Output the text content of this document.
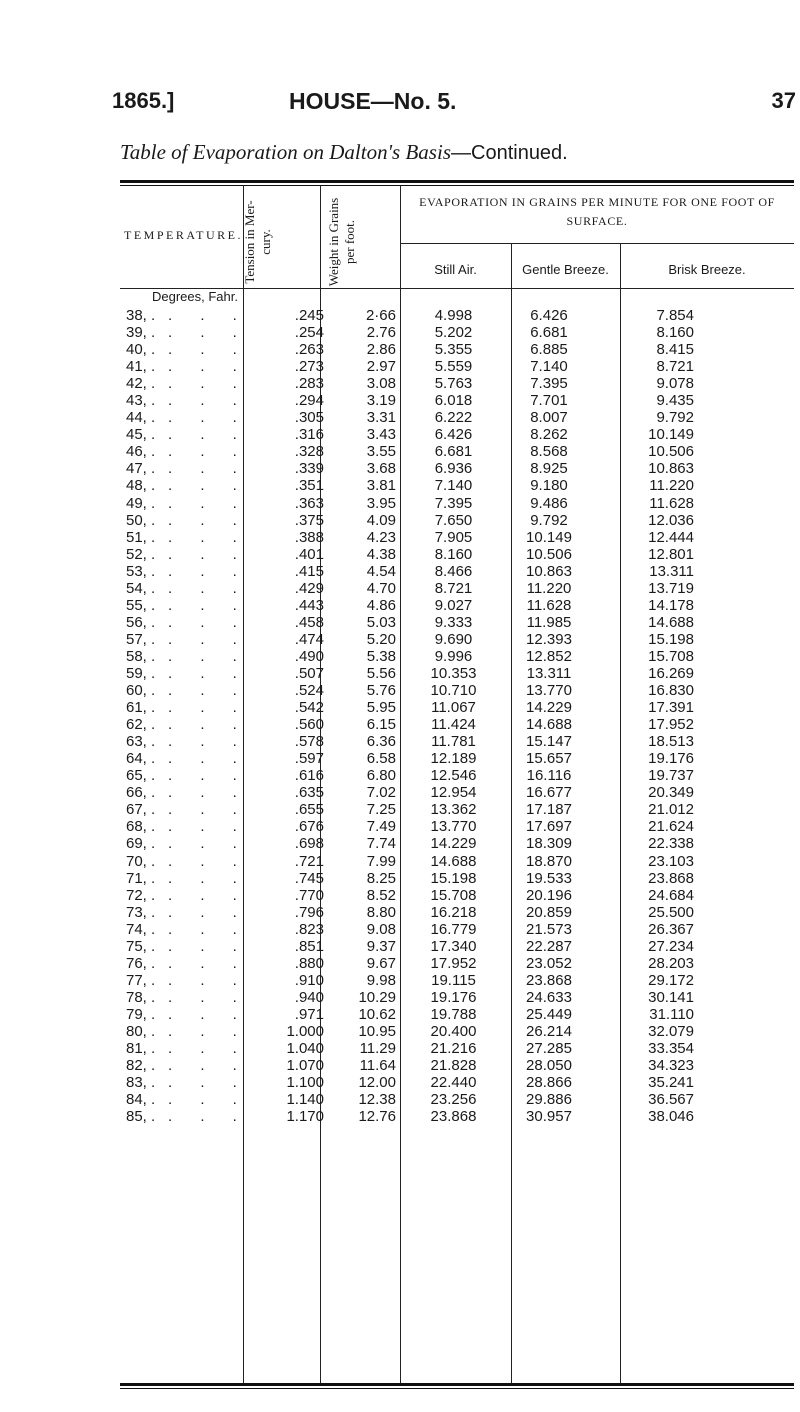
1865.]	HOUSE—No. 5.	37
Table of Evaporation on Dalton's Basis—Continued.
TEMPERATURE.
Tension in Mer- cury.	Weight in Grains per foot.
EVAPORATION IN GRAINS PER MINUTE FOR ONE FOOT OF SURFACE.
Still Air.	Gentle Breeze.	Brisk Breeze.
Degrees, Fahr.
38, .	.245	2·66	4.998	6.426	7.854
. . .
39, .	.254	2.76	5.202	6.681	8.160
. . .
40, .	.263	2.86	5.355	6.885	8.415
. . .
41, .	.273	2.97	5.559	7.140	8.721
. . .
42, .	.283	3.08	5.763	7.395	9.078
. . .
43, .	.294	3.19	6.018	7.701	9.435
. . .
44, .	.305	3.31	6.222	8.007	9.792
. . .
45, .	.316	3.43	6.426	8.262	10.149
. . .
46, .	.328	3.55	6.681	8.568	10.506
. . .
47, .	.339	3.68	6.936	8.925	10.863
. . .
48, .	.351	3.81	7.140	9.180	11.220
. . .
49, .	.363	3.95	7.395	9.486	11.628
. . .
50, .	.375	4.09	7.650	9.792	12.036
. . .
51, .	.388	4.23	7.905	10.149	12.444
. . .
52, .	.401	4.38	8.160	10.506	12.801
. . .
53, .	.415	4.54	8.466	10.863	13.311
. . .
54, .	.429	4.70	8.721	11.220	13.719
. . .
55, .	.443	4.86	9.027	11.628	14.178
. . .
56, .	.458	5.03	9.333	11.985	14.688
. . .
57, .	.474	5.20	9.690	12.393	15.198
. . .
58, .	.490	5.38	9.996	12.852	15.708
. . .
59, .	.507	5.56	10.353	13.311	16.269
. . .
60, .	.524	5.76	10.710	13.770	16.830
. . .
61, .	.542	5.95	11.067	14.229	17.391
. . .
62, .	.560	6.15	11.424	14.688	17.952
. . .
63, .	.578	6.36	11.781	15.147	18.513
. . .
64, .	.597	6.58	12.189	15.657	19.176
. . .
65, .	.616	6.80	12.546	16.116	19.737
. . .
66, .	.635	7.02	12.954	16.677	20.349
. . .
67, .	.655	7.25	13.362	17.187	21.012
. . .
68, .	.676	7.49	13.770	17.697	21.624
. . .
69, .	.698	7.74	14.229	18.309	22.338
. . .
70, .	.721	7.99	14.688	18.870	23.103
. . .
71, .	.745	8.25	15.198	19.533	23.868
. . .
72, .	.770	8.52	15.708	20.196	24.684
. . .
73, .	.796	8.80	16.218	20.859	25.500
. . .
74, .	.823	9.08	16.779	21.573	26.367
. . .
75, .	.851	9.37	17.340	22.287	27.234
. . .
76, .	.880	9.67	17.952	23.052	28.203
. . .
77, .	.910	9.98	19.115	23.868	29.172
. . .
78, .	.940	10.29	19.176	24.633	30.141
. . .
79, .	.971	10.62	19.788	25.449	31.110
. . .
80, .	1.000	10.95	20.400	26.214	32.079
. . .
81, .	1.040	11.29	21.216	27.285	33.354
. . .
82, .	1.070	11.64	21.828	28.050	34.323
. . .
83, .	1.100	12.00	22.440	28.866	35.241
. . .
84, .	1.140	12.38	23.256	29.886	36.567
. . .
85, .	1.170	12.76	23.868	30.957	38.046
. . .
